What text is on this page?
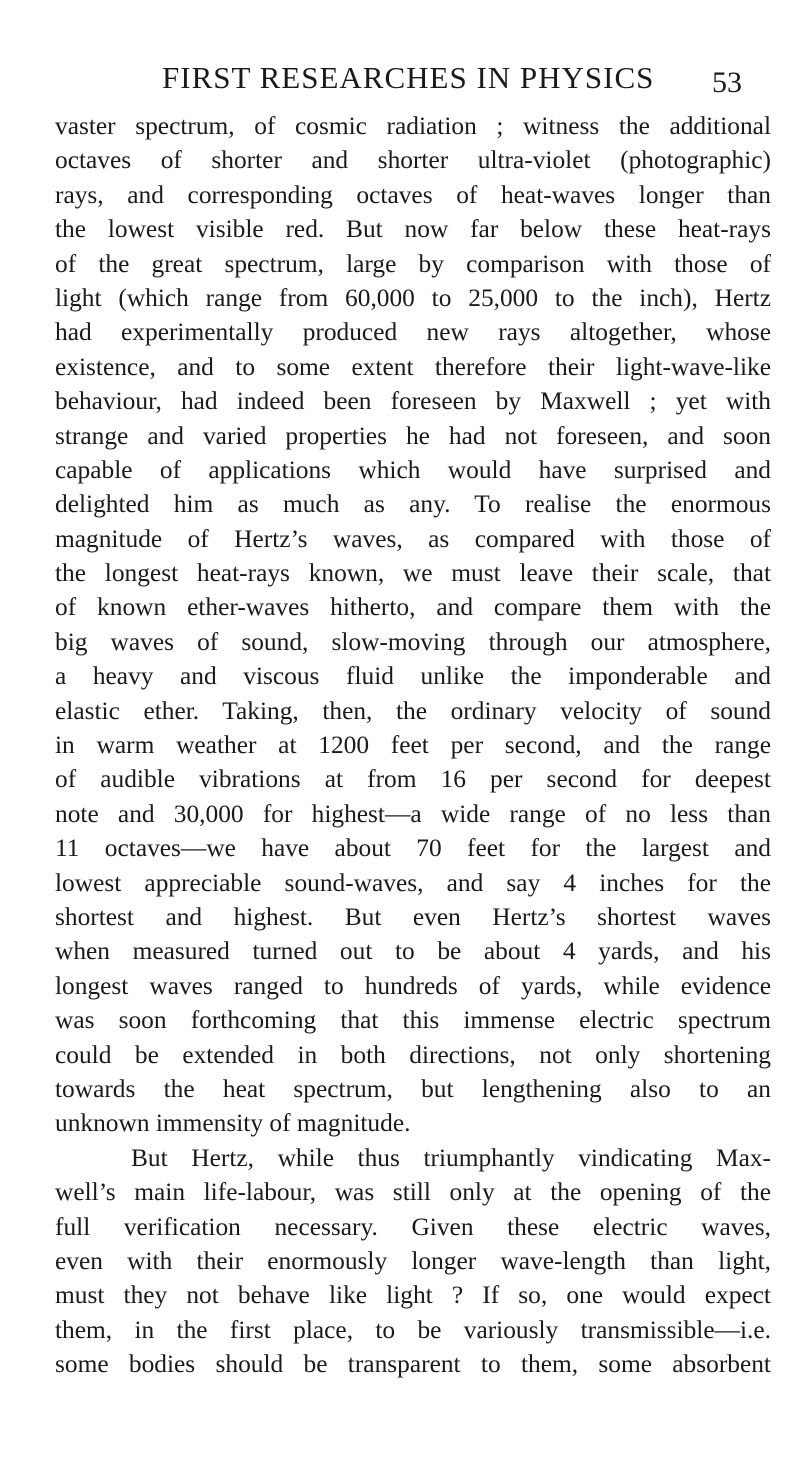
FIRST RESEARCHES IN PHYSICS 53
vaster spectrum, of cosmic radiation ; witness the additional
octaves of shorter and shorter ultra-violet (photographic)
rays, and corresponding octaves of heat-waves longer than
the lowest visible red. But now far below these heat-rays
of the great spectrum, large by comparison with those of
light (which range from 60,000 to 25,000 to the inch), Hertz
had experimentally produced new rays altogether, whose
existence, and to some extent therefore their light-wave-like
behaviour, had indeed been foreseen by Maxwell ; yet with
strange and varied properties he had not foreseen, and soon
capable of applications which would have surprised and
delighted him as much as any. To realise the enormous
magnitude of Hertz’s waves, as compared with those of
the longest heat-rays known, we must leave their scale, that
of known ether-waves hitherto, and compare them with the
big waves of sound, slow-moving through our atmosphere,
a heavy and viscous fluid unlike the imponderable and
elastic ether. Taking, then, the ordinary velocity of sound
in warm weather at 1200 feet per second, and the range
of audible vibrations at from 16 per second for deepest
note and 30,000 for highest—a wide range of no less than
11 octaves—we have about 70 feet for the largest and
lowest appreciable sound-waves, and say 4 inches for the
shortest and highest. But even Hertz’s shortest waves
when measured turned out to be about 4 yards, and his
longest waves ranged to hundreds of yards, while evidence
was soon forthcoming that this immense electric spectrum
could be extended in both directions, not only shortening
towards the heat spectrum, but lengthening also to an
unknown immensity of magnitude.
But Hertz, while thus triumphantly vindicating Max-
well’s main life-labour, was still only at the opening of the
full verification necessary. Given these electric waves,
even with their enormously longer wave-length than light,
must they not behave like light ? If so, one would expect
them, in the first place, to be variously transmissible—i.e.
some bodies should be transparent to them, some absorbent
